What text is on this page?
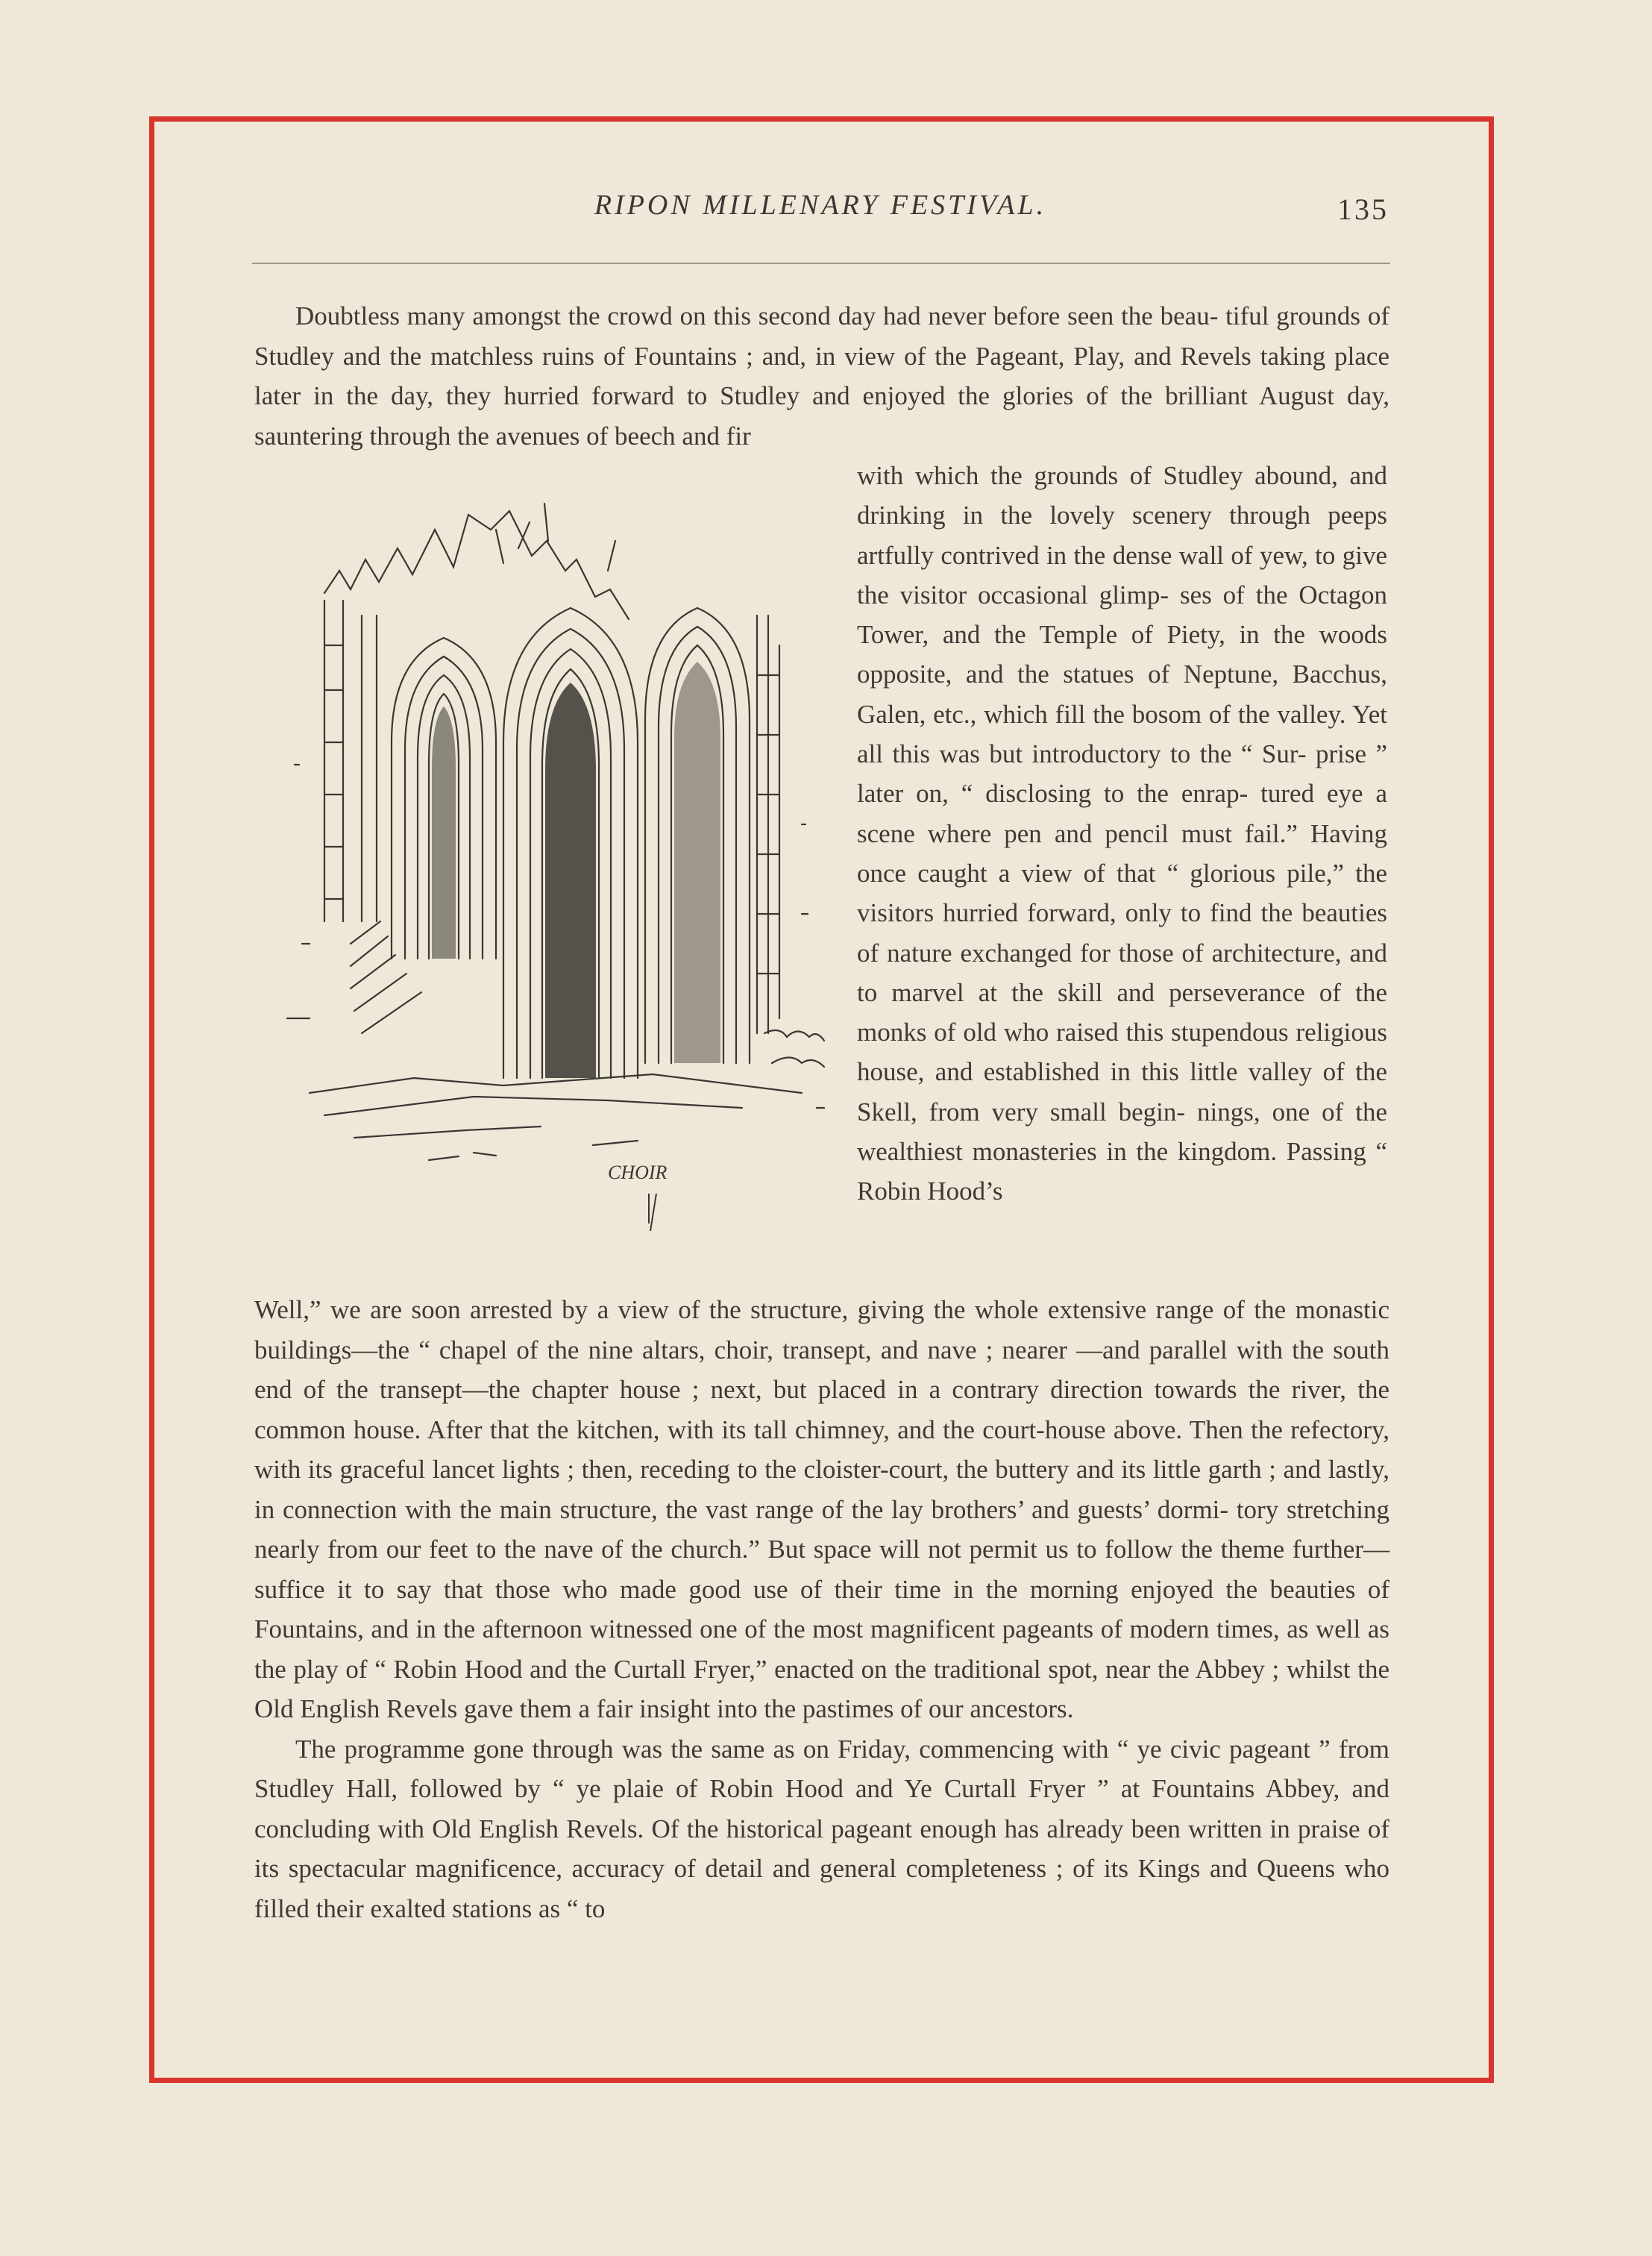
RIPON MILLENARY FESTIVAL.	135

Doubtless many amongst the crowd on this second day had never before seen the beau- tiful grounds of Studley and the matchless ruins of Fountains ; and, in view of the Pageant, Play, and Revels taking place later in the day, they hurried forward to Studley and enjoyed the glories of the brilliant August day, sauntering through the avenues of beech and fir

with which the grounds of Studley abound, and drinking in the lovely scenery through peeps artfully contrived in the dense wall of yew, to give the visitor occasional glimp- ses of the Octagon Tower, and the Temple of Piety, in the woods opposite, and the statues of Neptune, Bacchus, Galen, etc., which fill the bosom of the valley. Yet all this was but introductory to the “ Sur- prise ” later on, “ disclosing to the enrap- tured eye a scene where pen and pencil must fail.” Having once caught a view of that “ glorious pile,” the visitors hurried forward, only to find the beauties of nature exchanged for those of architecture, and to marvel at the skill and perseverance of the monks of old who raised this stupendous religious house, and established in this little valley of the Skell, from very small begin- nings, one of the wealthiest monasteries in the kingdom. Passing “ Robin Hood’s

CHOIR

Well,” we are soon arrested by a view of the structure, giving the whole extensive range of the monastic buildings—the “ chapel of the nine altars, choir, transept, and nave ; nearer —and parallel with the south end of the transept—the chapter house ; next, but placed in a contrary direction towards the river, the common house. After that the kitchen, with its tall chimney, and the court-house above. Then the refectory, with its graceful lancet lights ; then, receding to the cloister-court, the buttery and its little garth ; and lastly, in connection with the main structure, the vast range of the lay brothers’ and guests’ dormi- tory stretching nearly from our feet to the nave of the church.” But space will not permit us to follow the theme further—suffice it to say that those who made good use of their time in the morning enjoyed the beauties of Fountains, and in the afternoon witnessed one of the most magnificent pageants of modern times, as well as the play of “ Robin Hood and the Curtall Fryer,” enacted on the traditional spot, near the Abbey ; whilst the Old English Revels gave them a fair insight into the pastimes of our ancestors.

The programme gone through was the same as on Friday, commencing with “ ye civic pageant ” from Studley Hall, followed by “ ye plaie of Robin Hood and Ye Curtall Fryer ” at Fountains Abbey, and concluding with Old English Revels. Of the historical pageant enough has already been written in praise of its spectacular magnificence, accuracy of detail and general completeness ; of its Kings and Queens who filled their exalted stations as “ to
